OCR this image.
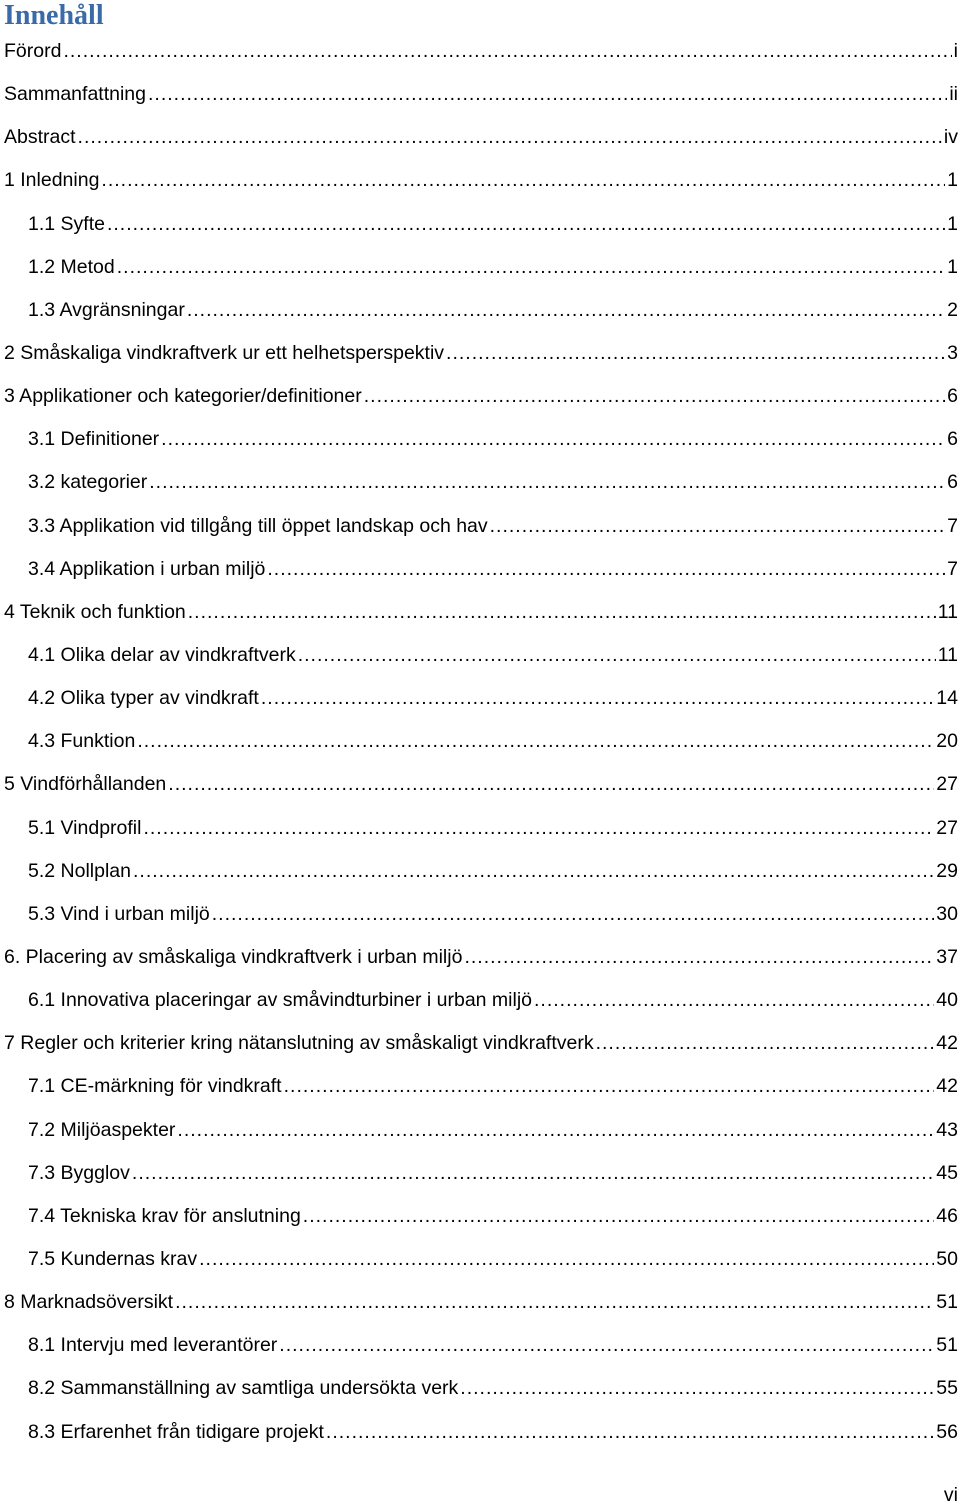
Innehåll
Förord .....	i
Sammanfattning .....	ii
Abstract .....	iv
1 Inledning .....	1
1.1 Syfte .....	1
1.2 Metod .....	1
1.3 Avgränsningar .....	2
2 Småskaliga vindkraftverk ur ett helhetsperspektiv .....	3
3 Applikationer och kategorier/definitioner .....	6
3.1 Definitioner .....	6
3.2 kategorier .....	6
3.3 Applikation vid tillgång till öppet landskap och hav .....	7
3.4 Applikation i urban miljö .....	7
4 Teknik och funktion .....	11
4.1 Olika delar av vindkraftverk .....	11
4.2 Olika typer av vindkraft .....	14
4.3 Funktion .....	20
5 Vindförhållanden .....	27
5.1 Vindprofil .....	27
5.2 Nollplan .....	29
5.3 Vind i urban miljö .....	30
6. Placering av småskaliga vindkraftverk i urban miljö .....	37
6.1 Innovativa placeringar av småvindturbiner i urban miljö .....	40
7 Regler och kriterier kring nätanslutning av småskaligt vindkraftverk .....	42
7.1 CE-märkning för vindkraft .....	42
7.2 Miljöaspekter .....	43
7.3 Bygglov .....	45
7.4 Tekniska krav för anslutning .....	46
7.5 Kundernas krav .....	50
8 Marknadsöversikt .....	51
8.1 Intervju med leverantörer .....	51
8.2 Sammanställning av samtliga undersökta verk .....	55
8.3 Erfarenhet från tidigare projekt .....	56
vi
